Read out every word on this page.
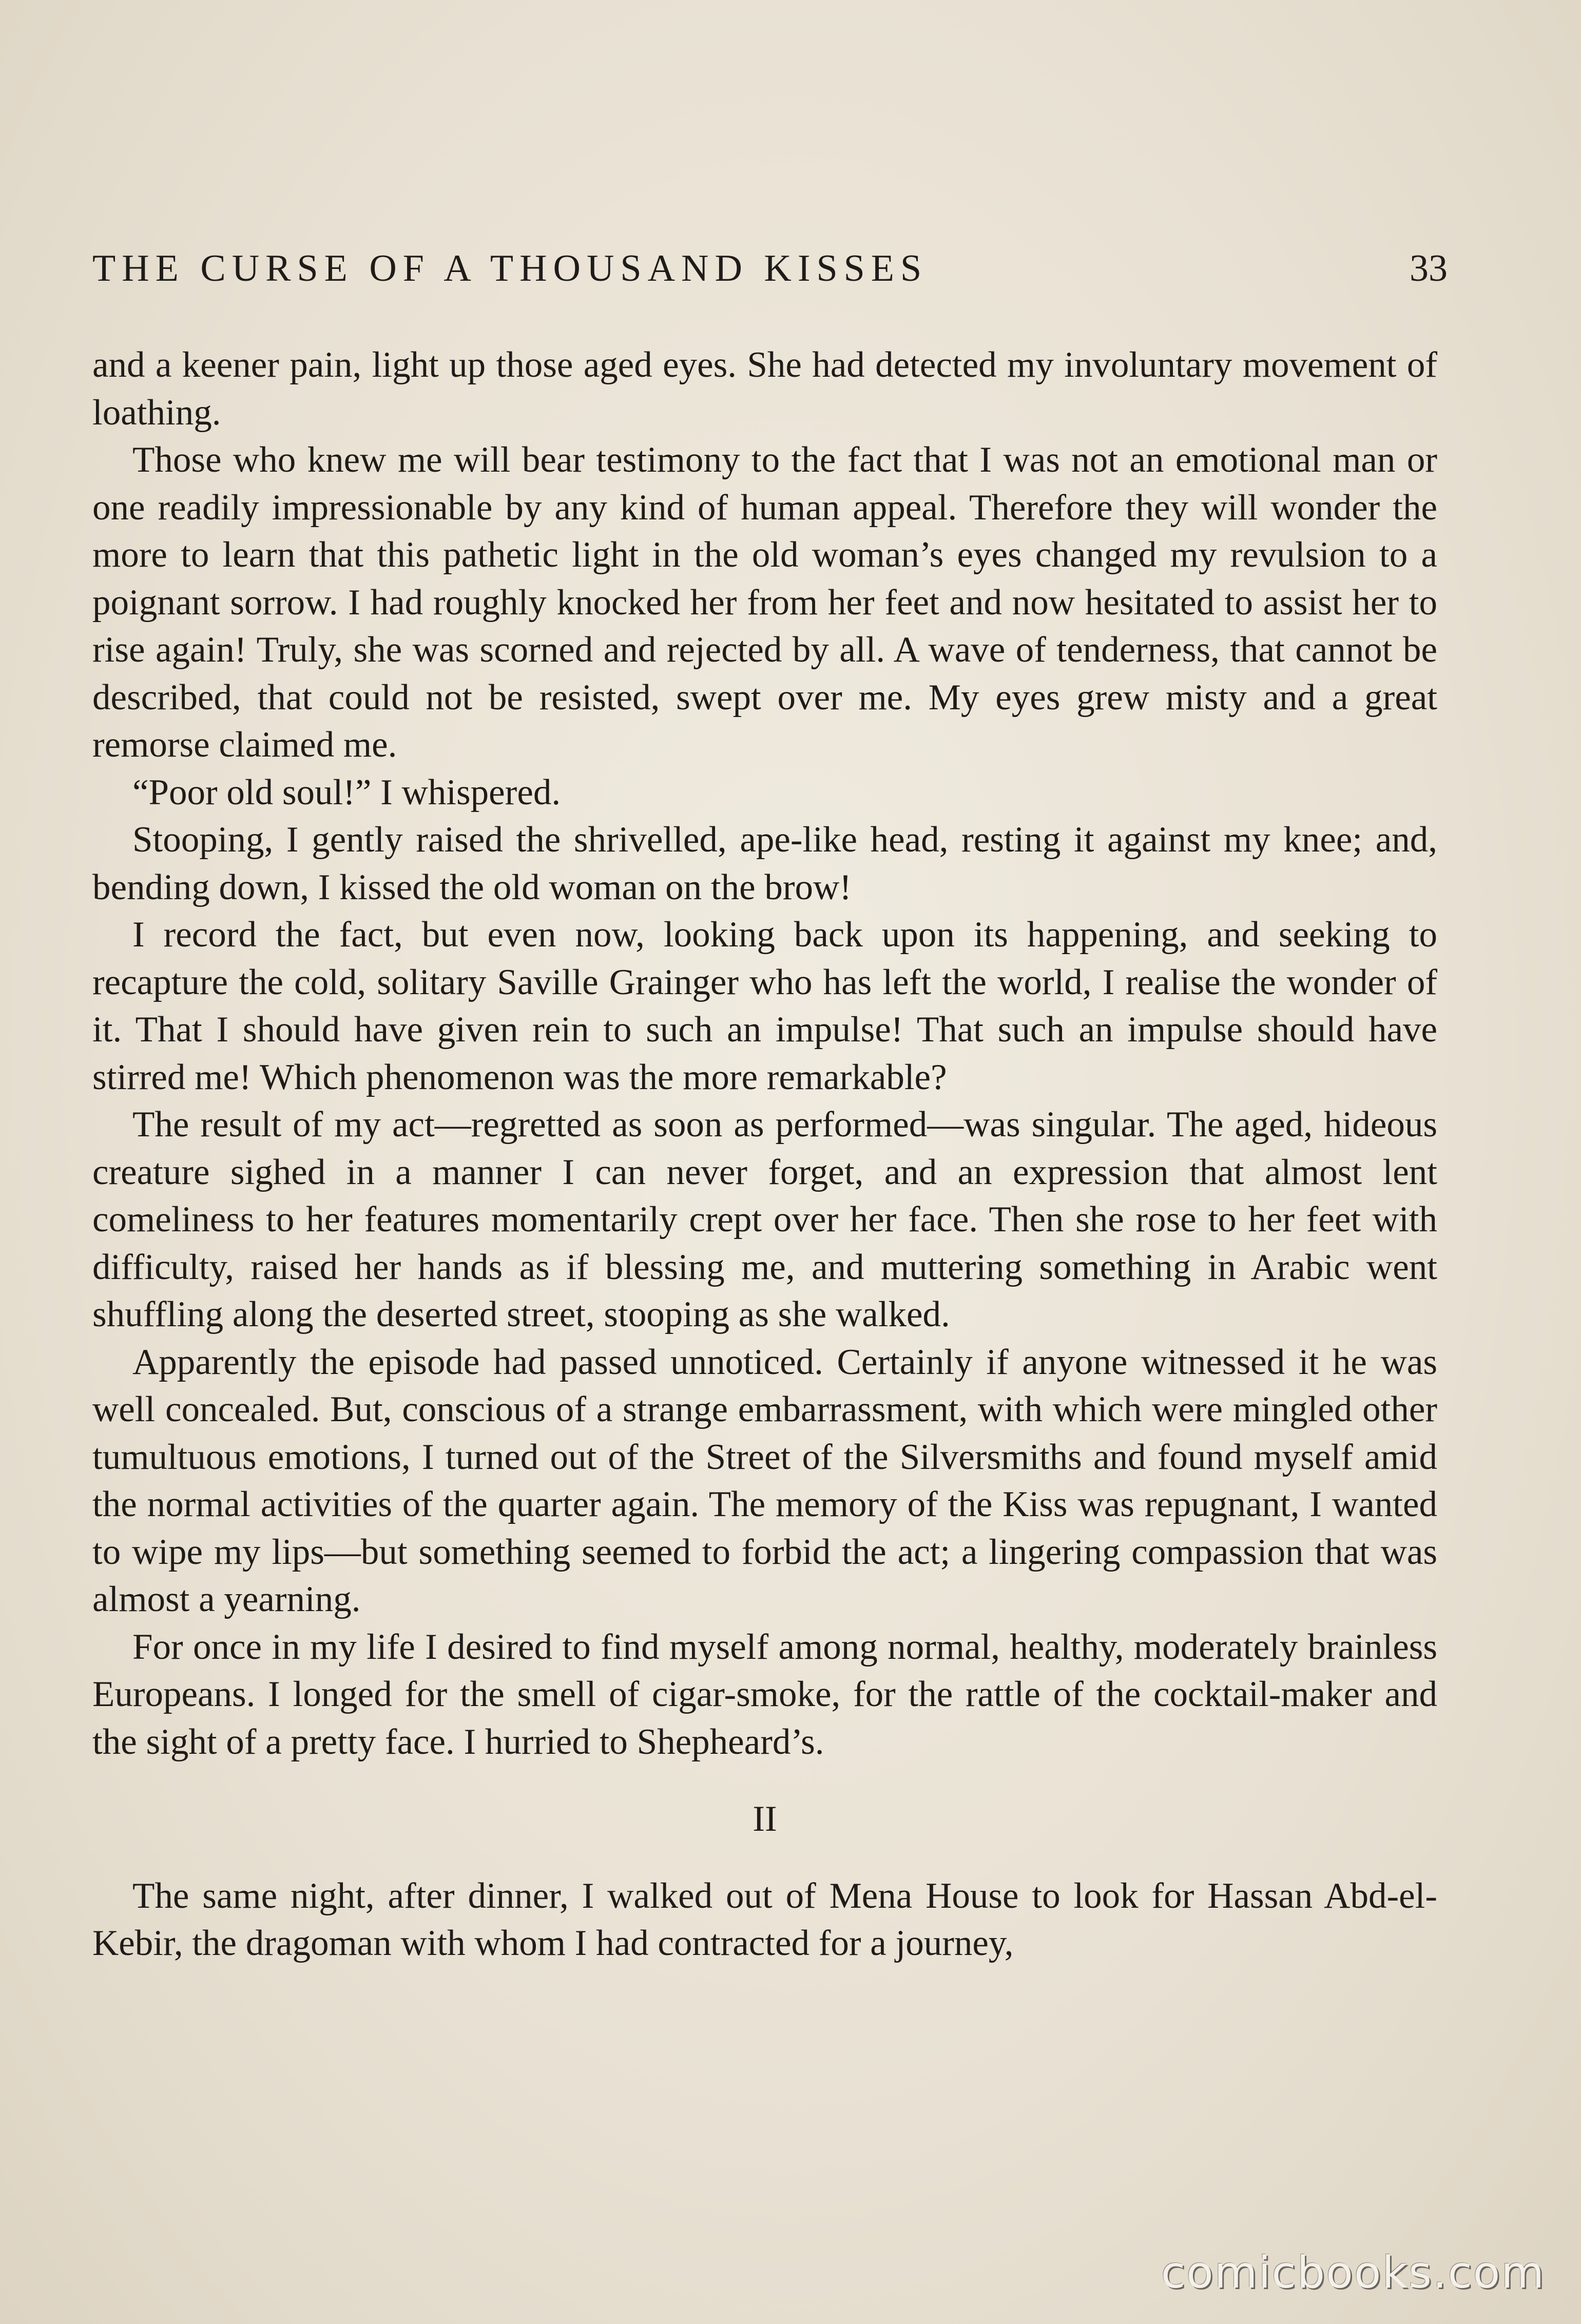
THE CURSE OF A THOUSAND KISSES	33

and a keener pain, light up those aged eyes. She had detected my involuntary movement of loathing.

Those who knew me will bear testimony to the fact that I was not an emotional man or one readily impressionable by any kind of human appeal. Therefore they will wonder the more to learn that this pathetic light in the old woman’s eyes changed my revulsion to a poignant sorrow. I had roughly knocked her from her feet and now hesitated to assist her to rise again! Truly, she was scorned and rejected by all. A wave of tenderness, that cannot be described, that could not be resisted, swept over me. My eyes grew misty and a great remorse claimed me.

“Poor old soul!” I whispered.

Stooping, I gently raised the shrivelled, ape-like head, resting it against my knee; and, bending down, I kissed the old woman on the brow!

I record the fact, but even now, looking back upon its happening, and seeking to recapture the cold, solitary Saville Grainger who has left the world, I realise the wonder of it. That I should have given rein to such an impulse! That such an impulse should have stirred me! Which phenomenon was the more remarkable?

The result of my act—regretted as soon as performed—was singular. The aged, hideous creature sighed in a manner I can never forget, and an expression that almost lent comeliness to her features momentarily crept over her face. Then she rose to her feet with difficulty, raised her hands as if blessing me, and muttering something in Arabic went shuffling along the deserted street, stooping as she walked.

Apparently the episode had passed unnoticed. Certainly if anyone witnessed it he was well concealed. But, conscious of a strange embarrassment, with which were mingled other tumultuous emotions, I turned out of the Street of the Silversmiths and found myself amid the normal activities of the quarter again. The memory of the Kiss was repugnant, I wanted to wipe my lips—but something seemed to forbid the act; a lingering compassion that was almost a yearning.

For once in my life I desired to find myself among normal, healthy, moderately brainless Europeans. I longed for the smell of cigar-smoke, for the rattle of the cocktail-maker and the sight of a pretty face. I hurried to Shepheard’s.

II

The same night, after dinner, I walked out of Mena House to look for Hassan Abd-el-Kebir, the dragoman with whom I had contracted for a journey,

comicbooks.com
